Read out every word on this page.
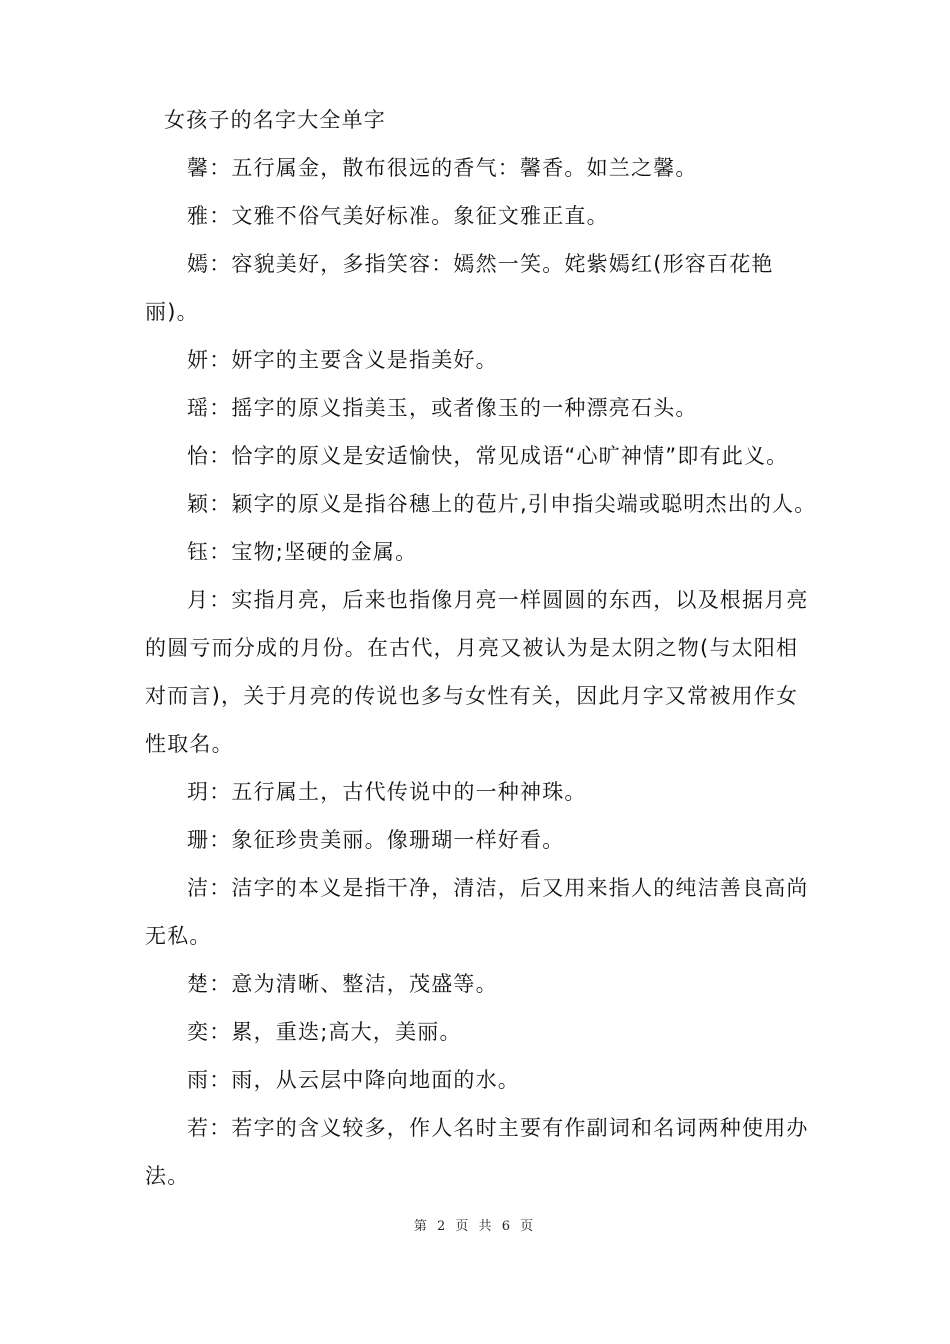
女孩子的名字大全单字

馨：五行属金，散布很远的香气：馨香。如兰之馨。

雅：文雅不俗气美好标准。象征文雅正直。

嫣：容貌美好，多指笑容：嫣然一笑。姹紫嫣红(形容百花艳丽)。

妍：妍字的主要含义是指美好。

瑶：摇字的原义指美玉，或者像玉的一种漂亮石头。

怡：恰字的原义是安适愉快，常见成语“心旷神情”即有此义。

颖：颖字的原义是指谷穗上的苞片,引申指尖端或聪明杰出的人。

钰：宝物;坚硬的金属。

月：实指月亮，后来也指像月亮一样圆圆的东西，以及根据月亮的圆亏而分成的月份。在古代，月亮又被认为是太阴之物(与太阳相对而言)，关于月亮的传说也多与女性有关，因此月字又常被用作女性取名。

玥：五行属土，古代传说中的一种神珠。

珊：象征珍贵美丽。像珊瑚一样好看。

洁：洁字的本义是指干净，清洁，后又用来指人的纯洁善良高尚无私。

楚：意为清晰、整洁，茂盛等。

奕：累，重迭;高大，美丽。

雨：雨，从云层中降向地面的水。

若：若字的含义较多，作人名时主要有作副词和名词两种使用办法。

第 2 页 共 6 页
